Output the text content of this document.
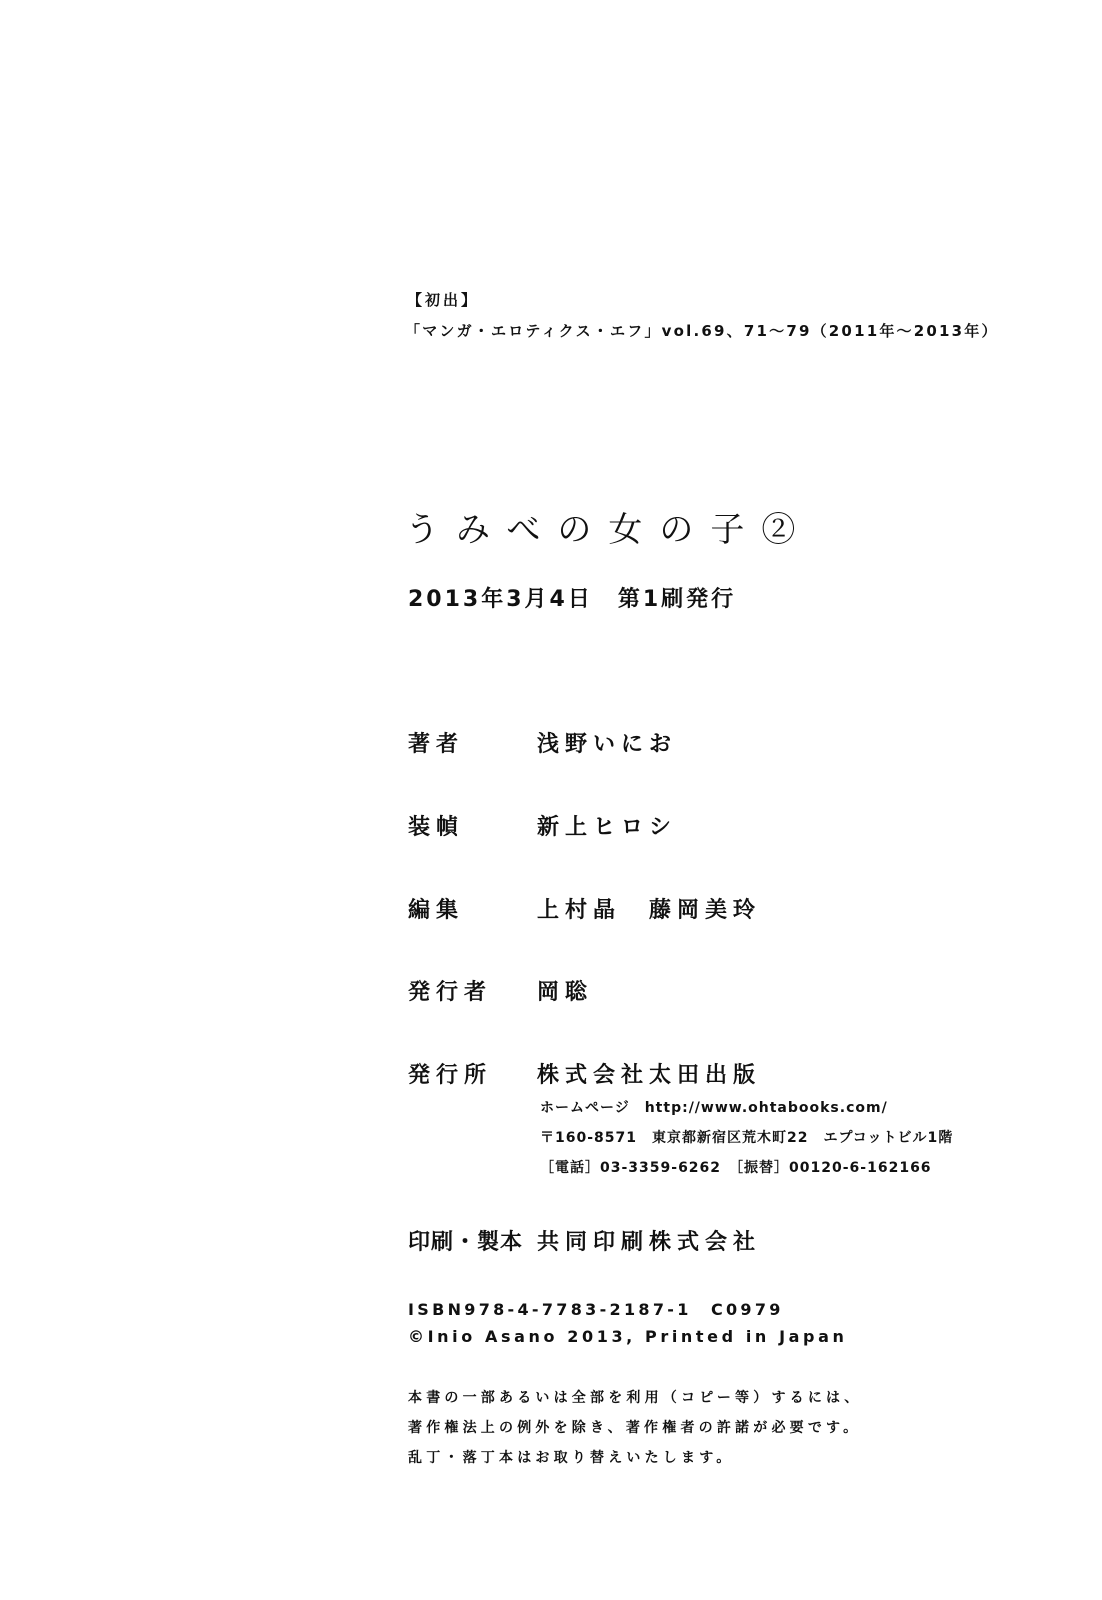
【初出】
「マンガ・エロティクス・エフ」vol.69、71～79（2011年～2013年）
うみべの女の子②
2013年3月4日　第1刷発行
著者	浅野いにお
装幀	新上ヒロシ
編集	上村晶　藤岡美玲
発行者 岡聡
発行所 株式会社太田出版
ホームページ　http://www.ohtabooks.com/
〒160-8571　東京都新宿区荒木町22　エプコットビル1階
［電話］03-3359-6262　［振替］00120-6-162166
印刷・製本 共同印刷株式会社
ISBN978-4-7783-2187-1　C0979
©Inio Asano 2013, Printed in Japan
本書の一部あるいは全部を利用（コピー等）するには、
著作権法上の例外を除き、著作権者の許諾が必要です。
乱丁・落丁本はお取り替えいたします。
